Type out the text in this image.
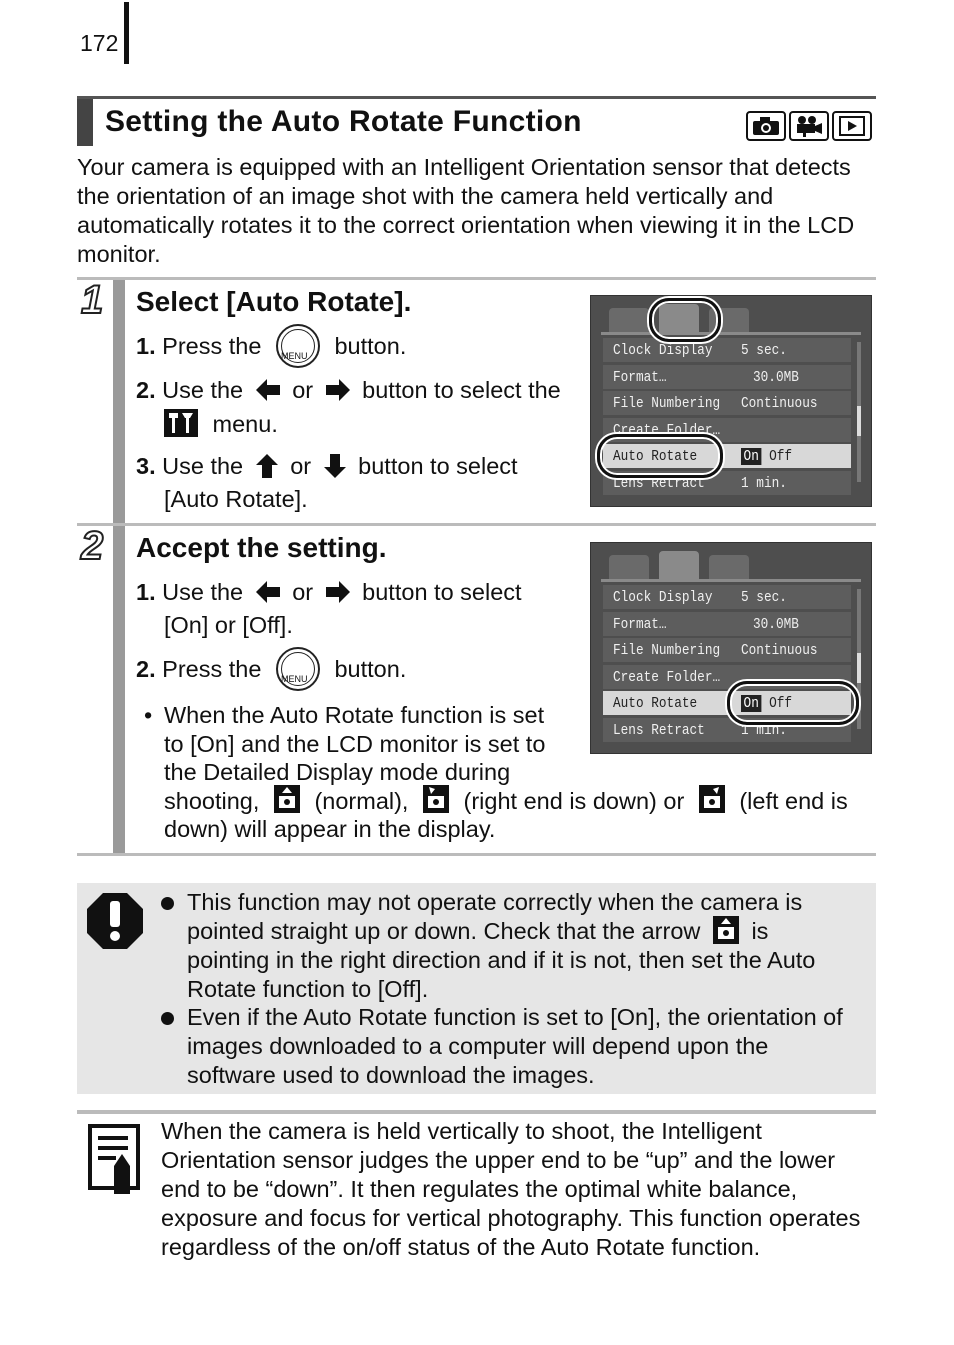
172
Setting the Auto Rotate Function
Your camera is equipped with an Intelligent Orientation sensor that detects the orientation of an image shot with the camera held vertically and automatically rotates it to the correct orientation when viewing it in the LCD monitor.
1 Select [Auto Rotate].
1. Press the MENU	button.
2. Use the or button to select the
menu.
3. Use the or button to select
[Auto Rotate].
Clock Display 5 sec.
Format…	30.0MB
File Numbering Continuous
Create Folder…
Auto Rotate	On Off
Lens Retract 1 min.
2 Accept the setting.
1. Use the or button to select
[On] or [Off].
2. Press the MENU	button.
• When the Auto Rotate function is set
to [On] and the LCD monitor is set to
the Detailed Display mode during
shooting, (normal), (right end is down) or (left end is
down) will appear in the display.
Clock Display 5 sec.
Format…	30.0MB
File Numbering Continuous
Create Folder…
Auto Rotate	On Off
Lens Retract 1 min.
This function may not operate correctly when the camera is
pointed straight up or down. Check that the arrow is
pointing in the right direction and if it is not, then set the Auto
Rotate function to [Off].
Even if the Auto Rotate function is set to [On], the orientation of images downloaded to a computer will depend upon the software used to download the images.
When the camera is held vertically to shoot, the Intelligent Orientation sensor judges the upper end to be “up” and the lower end to be “down”. It then regulates the optimal white balance, exposure and focus for vertical photography. This function operates regardless of the on/off status of the Auto Rotate function.
